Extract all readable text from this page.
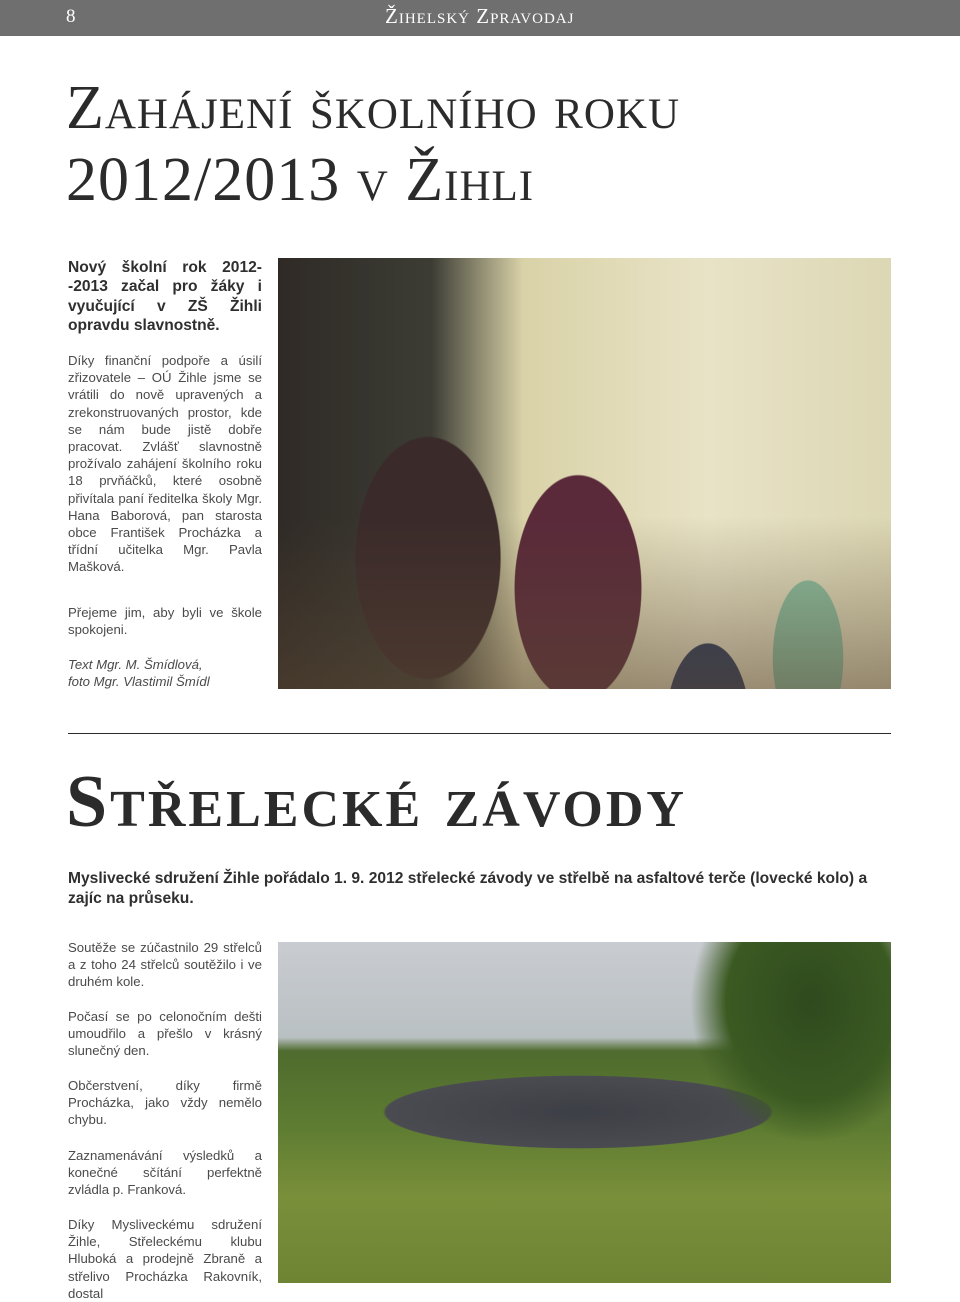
8	Žihelský Zpravodaj
Zahájení školního roku
2012/2013 v Žihli

Nový školní rok 2012--2013 začal pro žáky i vyučující v ZŠ Žihli opravdu slavnostně.

Díky finanční podpoře a úsilí zřizovatele – OÚ Žihle jsme se vrátili do nově upravených a zrekonstruovaných prostor, kde se nám bude jistě dobře pracovat. Zvlášť slavnostně prožívalo zahájení školního roku 18 prvňáčků, které osobně přivítala paní ředitelka školy Mgr. Hana Baborová, pan starosta obce František Procházka a třídní učitelka Mgr. Pavla Mašková.

Přejeme jim, aby byli ve škole spokojeni.

Text Mgr. M. Šmídlová,
foto Mgr. Vlastimil Šmídl

Střelecké závody

Myslivecké sdružení Žihle pořádalo 1. 9. 2012 střelecké závody ve střelbě na asfaltové terče (lovecké kolo) a zajíc na průseku.

Soutěže se zúčastnilo 29 střelců a z toho 24 střelců soutěžilo i ve druhém kole.

Počasí se po celonočním dešti umoudřilo a přešlo v krásný slunečný den.

Občerstvení, díky firmě Procházka, jako vždy nemělo chybu.

Zaznamenávání výsledků a konečné sčítání perfektně zvládla p. Franková.

Díky Mysliveckému sdružení Žihle, Střeleckému klubu Hluboká a prodejně Zbraně a střelivo Procházka Rakovník, dostal
